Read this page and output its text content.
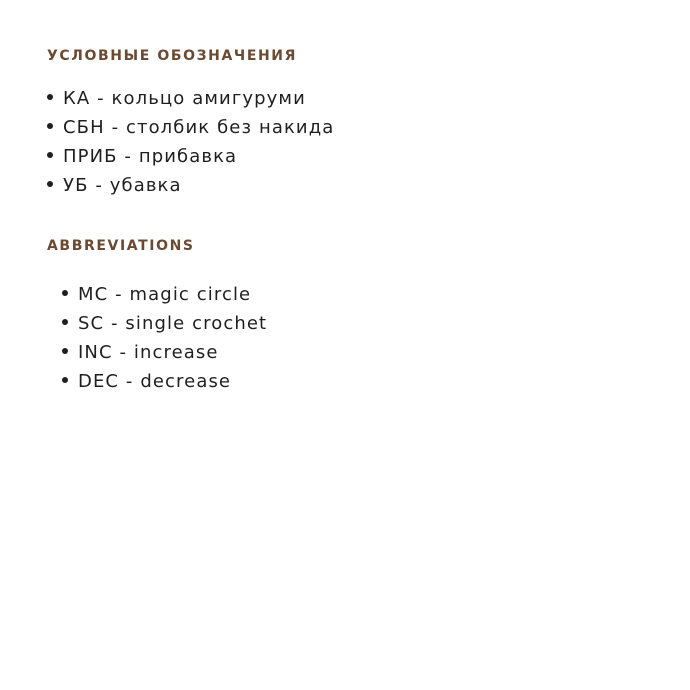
УСЛОВНЫЕ ОБОЗНАЧЕНИЯ
КА - кольцо амигуруми
СБН - столбик без накида
ПРИБ - прибавка
УБ - убавка
ABBREVIATIONS
MC - magic circle
SC - single crochet
INC - increase
DEC - decrease
